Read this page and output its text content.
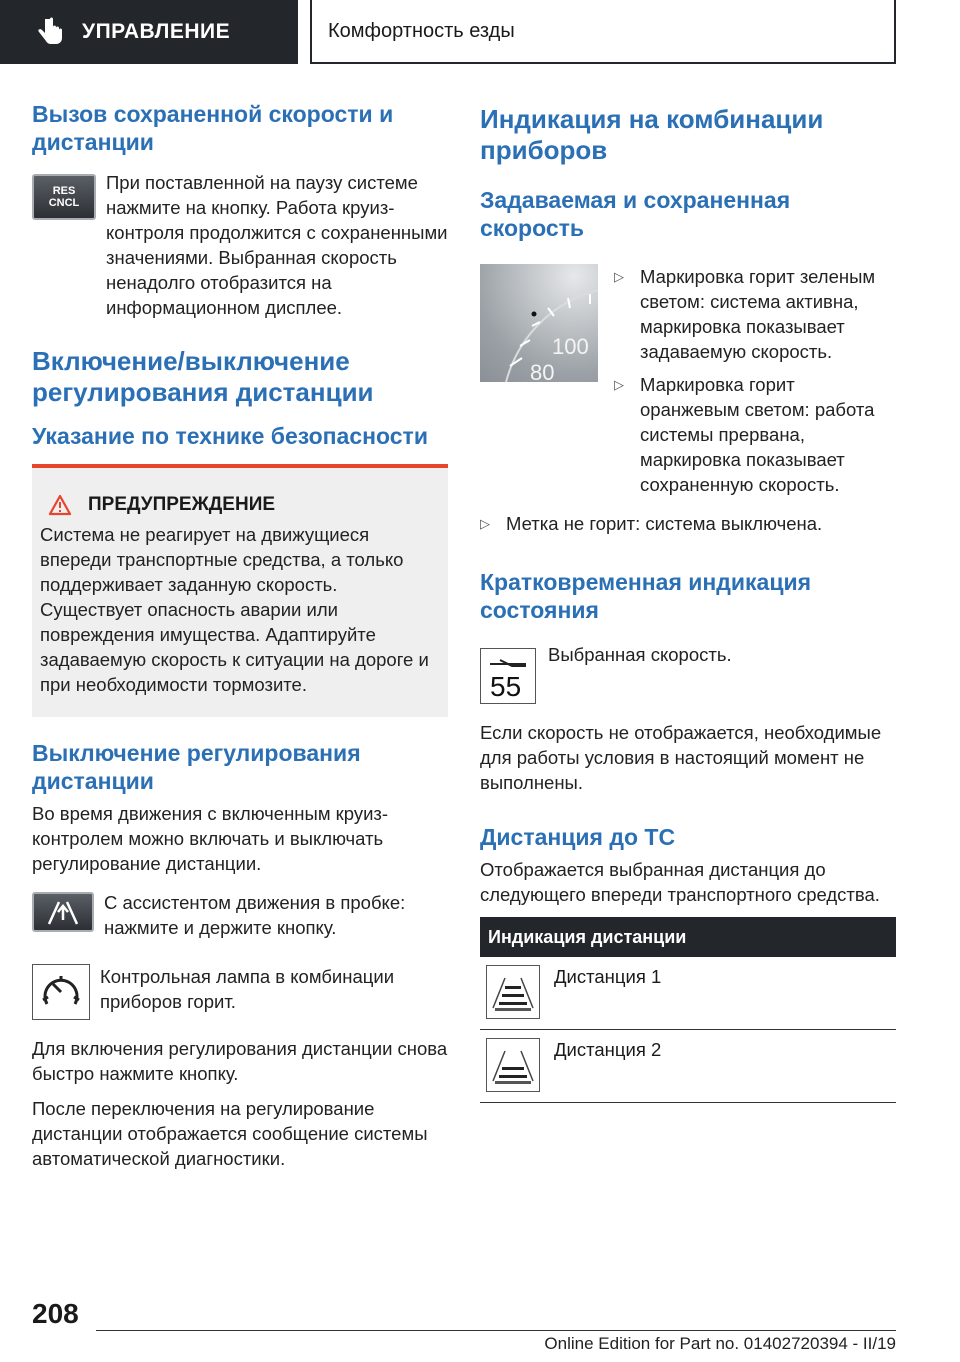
УПРАВЛЕНИЕ	Комфортность езды
Вызов сохраненной скорости и дистанции
RES
CNCL

При поставленной на паузу системе нажмите на кнопку. Работа круиз-контроля продолжится с сохраненными значениями. Выбранная скорость ненадолго отобразится на информационном дисплее.

Включение/выключение регулирования дистанции
Указание по технике безопасности
ПРЕДУПРЕЖДЕНИЕ

Система не реагирует на движущиеся впереди транспортные средства, а только поддерживает заданную скорость. Существует опасность аварии или повреждения имущества. Адаптируйте задаваемую скорость к ситуации на дороге и при необходимости тормозите.

Выключение регулирования дистанции

Во время движения с включенным круиз-контролем можно включать и выключать регулирование дистанции.

С ассистентом движения в пробке: нажмите и держите кнопку.

Контрольная лампа в комбинации приборов горит.

Для включения регулирования дистанции снова быстро нажмите кнопку.

После переключения на регулирование дистанции отображается сообщение системы автоматической диагностики.

Индикация на комбинации приборов
Задаваемая и сохраненная скорость
100
80
▷ Маркировка горит зеленым светом: система активна, маркировка показывает задаваемую скорость.

▷ Маркировка горит оранжевым светом: работа системы прервана, маркировка показывает сохраненную скорость.

▷ Метка не горит: система выключена.

Кратковременная индикация состояния
55

Выбранная скорость.

Если скорость не отображается, необходимые для работы условия в настоящий момент не выполнены.

Дистанция до ТС

Отображается выбранная дистанция до следующего впереди транспортного средства.

Индикация дистанции
Дистанция 1
Дистанция 2
208
Online Edition for Part no. 01402720394 - II/19
